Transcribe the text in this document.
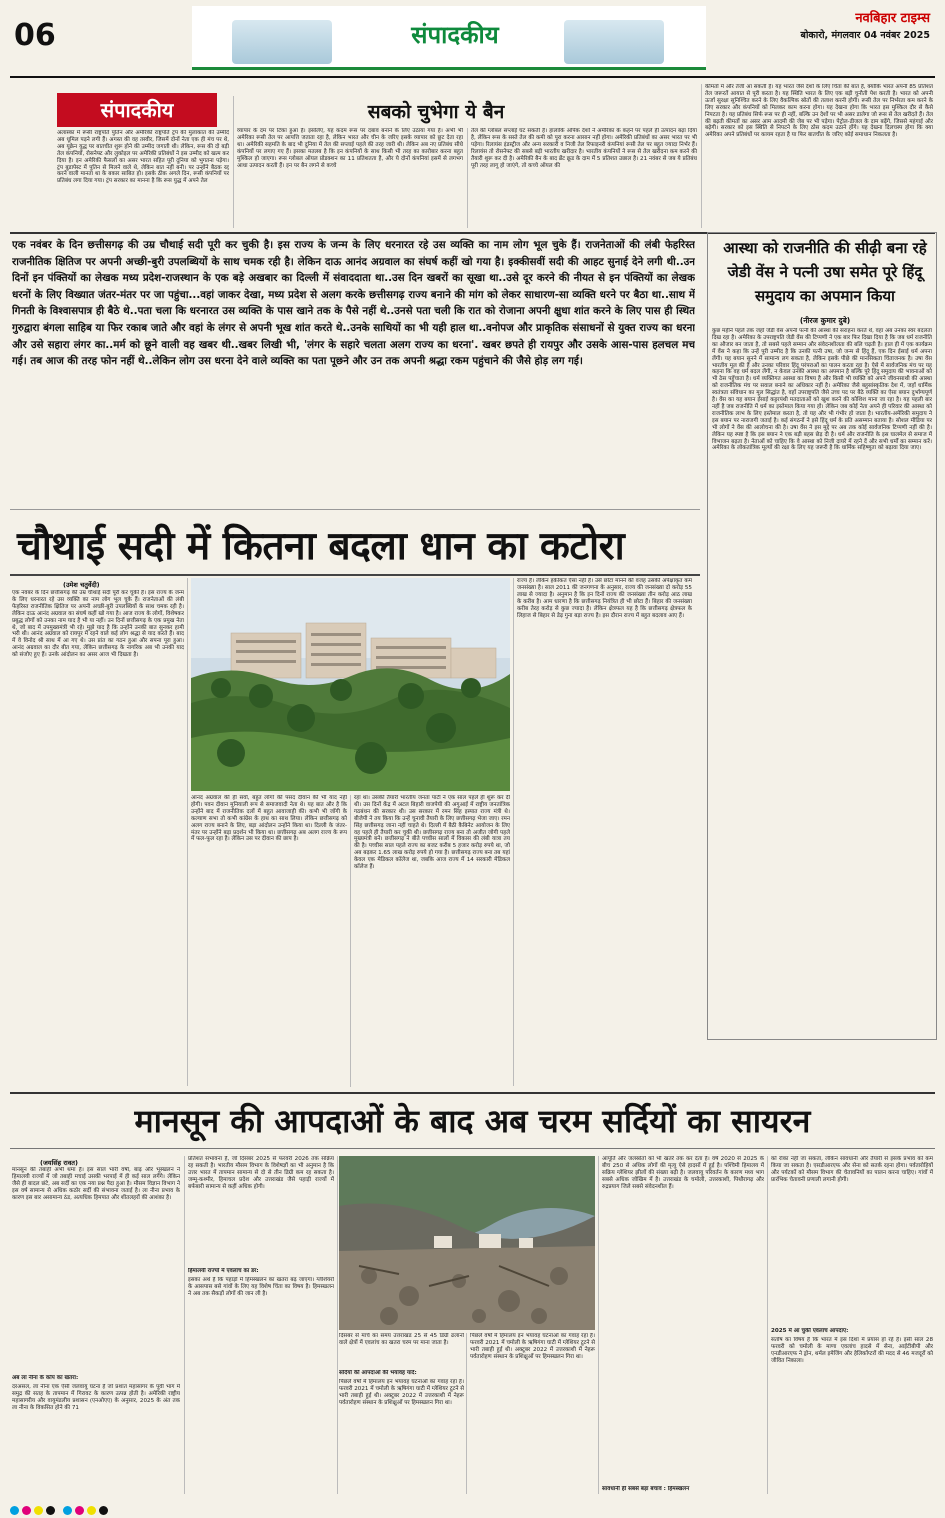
06	संपादकीय
नवबिहार टाइम्स
बोकारो, मंगलवार 04 नवंबर 2025
संपादकीय	सबको चुभेगा ये बैन
अलास्का में रूसी राष्ट्रपति पुतिन और अमेरिकी राष्ट्रपति ट्रंप की मुलाकात की उम्मीदें अब धूमिल पड़ने लगी हैं। अगस्त की वह तस्वीर, जिसमें दोनों नेता एक ही मंच पर थे, अब यूक्रेन युद्ध पर बातचीत शुरू होने की उम्मीद जगाती थी। लेकिन, रूस की दो बड़ी तेल कंपनियों, रोसनेफ्ट और लुकोइल पर अमेरिकी प्रतिबंधों ने इस उम्मीद को खत्म कर दिया है। इन अमेरिकी फैसलों का असर भारत सहित पूरी दुनिया को भुगतना पड़ेगा। ट्रंप बुडापेस्ट में पुतिन से मिलने वाले थे, लेकिन बात नहीं बनी। पर उन्होंने बैठक रद्द करने वाली मानता था के बकार साबित हो। इसके ठीक अगले दिन, रूसी कंपनियों पर प्रतिबंध लगा दिया गया। ट्रंप सरकार का मानना है कि रूस युद्ध में अपने तेल
व्यापार के दम पर टिका हुआ है। इसलिए, यह कदम रूस पर दबाव बनाने के लिए उठाया गया है। अभी भी अमेरिका रूसी तेल पर आपत्ति जताता रहा है, लेकिन भारत और चीन के जरिए इसके व्यापार को छूट देता रहा था। अमेरिकी सहमति के बाद भी दुनिया में तेल की सप्लाई पहले की तरह जारी थी। लेकिन अब नए प्रतिबंध सीधे कंपनियों पर लगाए गए हैं। इसका मतलब है कि इन कंपनियों के साथ किसी भी तरह का कारोबार करना बहुत मुश्किल हो जाएगा। रूस ग्लोबल ऑयल प्रोडक्शन का 11 प्रतिशतता है, और ये दोनों कंपनियां इसमें से लगभग आधा उत्पादन करती हैं। इन पर बैन लगने से कच्चे
तेल की ग्लोबल सप्लाई घट सकती है। हालांकि ओपेक देशों ने अमेरिका के कहने पर पहले ही उत्पादन बढ़ा दिया है, लेकिन रूस के सस्ते तेल की कमी को पूरा करना आसान नहीं होगा। अमेरिकी प्रतिबंधों का असर भारत पर भी पड़ेगा। रिलायंस इंडस्ट्रीज और अन्य सरकारी व निजी तेल रिफाइनरी कंपनियां रूसी तेल पर बहुत ज्यादा निर्भर हैं। रिलायंस तो रोसनेफ्ट की सबसे बड़ी भारतीय खरीदार है। भारतीय कंपनियों ने रूस से तेल खरीदना कम करने की तैयारी शुरू कर दी है। अमेरिकी बैन के बाद ब्रेंट क्रूड के दाम में 5 प्रतिशत उछाल है। 21 नवंबर से जब ये प्रतिबंध पूरी तरह लागू हो जाएंगे, तो कच्चे ऑयल की
कीमतों में और तेजी आ सकती है। यह भारत जैसे देशों के लिए चिंता की बात है, क्योंकि भारत अपनी 85 प्रतिशत तेल जरूरतें आयात से पूरी करता है। यह स्थिति भारत के लिए एक बड़ी चुनौती पेश करती है। भारत को अपनी ऊर्जा सुरक्षा सुनिश्चित करने के लिए वैकल्पिक स्रोतों की तलाश करनी होगी। रूसी तेल पर निर्भरता कम करने के लिए सरकार और कंपनियों को मिलकर काम करना होगा। यह देखना होगा कि भारत इस मुश्किल दौर से कैसे निपटता है। यह प्रतिबंध सिर्फ रूस पर ही नहीं, बल्कि उन देशों पर भी असर डालेगा जो रूस से तेल खरीदते हैं। तेल की बढ़ती कीमतों का असर आम आदमी की जेब पर भी पड़ेगा। पेट्रोल-डीजल के दाम बढ़ेंगे, जिससे महंगाई और बढ़ेगी। सरकार को इस स्थिति से निपटने के लिए ठोस कदम उठाने होंगे। यह देखना दिलचस्प होगा कि क्या अमेरिका अपने प्रतिबंधों पर कायम रहता है या फिर बातचीत के जरिए कोई समाधान निकलता है।
एक नवंबर के दिन छत्तीसगढ़ की उम्र चौथाई सदी पूरी कर चुकी है। इस राज्य के जन्म के लिए धरनारत रहे उस व्यक्ति का नाम लोग भूल चुके हैं। राजनेताओं की लंबी फेहरिस्त राजनीतिक क्षितिज पर अपनी अच्छी-बुरी उपलब्धियों के साथ चमक रही है। लेकिन दाऊ आनंद अग्रवाल का संघर्ष कहीं खो गया है। इक्कीसवीं सदी की आहट सुनाई देने लगी थी..उन दिनों इन पंक्तियों का लेखक मध्य प्रदेश-राजस्थान के एक बड़े अखबार का दिल्ली में संवाददाता था..उस दिन खबरों का सूखा था..उसे दूर करने की नीयत से इन पंक्तियों का लेखक धरनों के लिए विख्यात जंतर-मंतर पर जा पहुंचा...वहां जाकर देखा, मध्य प्रदेश से अलग करके छत्तीसगढ़ राज्य बनाने की मांग को लेकर साधारण-सा व्यक्ति धरने पर बैठा था..साथ में गिनती के विश्वासपात्र ही बैठे थे..पता चला कि धरनारत उस व्यक्ति के पास खाने तक के पैसे नहीं थे..उनसे पता चली कि रात को रोजाना अपनी क्षुधा शांत करने के लिए पास ही स्थित गुरुद्वारा बंगला साहिब या फिर रकाब जाते और वहां के लंगर से अपनी भूख शांत करते थे..उनके साथियों का भी यही हाल था..वनोपज और प्राकृतिक संसाधनों से युक्त राज्य का धरना और उसे सहारा लंगर का..मर्म को छूने वाली वह खबर थी..खबर लिखी भी, 'लंगर के सहारे चलता अलग राज्य का धरना'. खबर छपते ही रायपुर और उसके आस-पास हलचल मच गई। तब आज की तरह फोन नहीं थे..लेकिन लोग उस धरना देने वाले व्यक्ति का पता पूछने और उन तक अपनी श्रद्धा रकम पहुंचाने की जैसे होड़ लग गई।
चौथाई सदी में कितना बदला धान का कटोरा
(उमेश चतुर्वेदी)
एक नवंबर के दिन छत्तीसगढ़ की उम्र चौथाई सदी पूरी कर चुकी है। इस राज्य के जन्म के लिए धरनारत रहे उस व्यक्ति का नाम लोग भूल चुके हैं। राजनेताओं की लंबी फेहरिस्त राजनीतिक क्षितिज पर अपनी अच्छी-बुरी उपलब्धियों के साथ चमक रही है। लेकिन दाऊ आनंद अग्रवाल का संघर्ष कहीं खो गया है। आज राज्य के लोगों, विशेषकर प्रबुद्ध लोगों को उनका नाम याद है भी या नहीं। उन दिनों छत्तीसगढ़ के एक प्रमुख नेता थे, जो बाद में उपमुख्यमंत्री भी रहे। मुझे याद है कि उन्होंने उनकी बात सुनकर हामी भरी थी। आनंद अग्रवाल को रायपुर में रहने वाले कई लोग श्रद्धा से याद करते हैं। बाद में वे विनोद श्री साथ में आ गए थे। उस प्रांत का गठन हुआ और सपना पूरा हुआ। आनंद अग्रवाल का दौर बीत गया, लेकिन छत्तीसगढ़ के नागरिक अब भी उनकी याद को संजोए हुए हैं। उनके आंदोलन का असर आज भी दिखता है।
आनंद अग्रवाल की ही सर्वो, बहुत लोगों की पसंद दीवान की भी याद नहीं होगी। पवन दीवान मुनियाली रूप से समाजवादी नेता थे। यह बात और है कि उन्होंने बाद में राजनीतिक दलों में बहुत आवाजाही की। कभी भी जाँगी के कल्याण सभा तो कभी कांग्रेस के हाथ का साथ लिया। लेकिन छत्तीसगढ़ को अलग राज्य बनाने के लिए, बड़ा आंदोलन उन्होंने किया था। दिल्ली के जंतर-मंतर पर उन्होंने बड़ा प्रदर्शन भी किया था। छत्तीसगढ़ अब अलग राज्य के रूप में फल-फूल रहा है। लेकिन उस पर दीवान की छाप है।
रहा था। उसकी तैयारी भारतीय जनता पार्टी ने एक साल पहले ही शुरू कर दी थी। उस दिनों केंद्र में अटल बिहारी वाजपेयी की अगुआई में राष्ट्रीय जनतांत्रिक गठबंधन की सरकार थी। उस सरकार में रमन सिंह इस्पात राज्य मंत्री थे। बीजेपी ने तय किया कि उन्हें चुनावी तैयारी के लिए छत्तीसगढ़ भेजा जाए। रमन सिंह छत्तीसगढ़ जाना नहीं चाहते थे। दिल्ली में बैठी कैबिनेट आयोजन के लिए वह पहले ही तैयारी कर चुकी थी। छत्तीसगढ़ राज्य बना तो अजीत जोगी पहले मुख्यमंत्री बने। छत्तीसगढ़ ने बीते पच्चीस सालों में विकास की लंबी यात्रा तय की है। पच्चीस साल पहले राज्य का बजट करीब 5 हजार करोड़ रुपये था, जो अब बढ़कर 1.65 लाख करोड़ रुपये हो गया है। छत्तीसगढ़ राज्य बना तब यहां केवल एक मेडिकल कॉलेज था, जबकि आज राज्य में 14 सरकारी मेडिकल कॉलेज हैं।
राज्य है। लेकिन हकीकत ऐसा नहीं है। उसे छोटा मानने की वजह उसकी अपेक्षाकृत कम जनसंख्या है। साल 2011 की जनगणना के अनुसार, राज्य की जनसंख्या दो करोड़ 55 लाख से ज्यादा है। अनुमान है कि इन दिनों राज्य की जनसंख्या तीन करोड़ आठ लाख के करीब है। आम धारणा है कि छत्तीसगढ़ नियंत्रित ही भी छोटा हैं। बिहार की जनसंख्या करीब तेरह करोड़ से कुछ ज्यादा है। लेकिन क्षेत्रफल यह है कि छत्तीसगढ़ क्षेत्रफल के लिहाज से बिहार से डेढ़ गुना बड़ा राज्य है। इस दौरान राज्य में बहुत बदलाव आए हैं।
आस्था को राजनीति की सीढ़ी बना रहे जेडी वेंस ने पत्नी उषा समेत पूरे हिंदू समुदाय का अपमान किया
(नीरज कुमार दुबे)
कुछ महीने पहले तक जहाँ जेडी वेंस अपनी पत्नी की आस्था की सराहना करते थे, वहां अब उनका स्वर बदलता दिख रहा है। अमेरिका के उपराष्ट्रपति जेडी वेंस की टिप्पणी ने एक बार फिर दिखा दिया है कि जब धर्म राजनीति का औजार बन जाता है, तो सबसे पहले सम्मान और संवेदनशीलता की बलि चढ़ती है। हाल ही में एक कार्यक्रम में वेंस ने कहा कि उन्हें पूरी उम्मीद है कि उनकी पत्नी उषा, जो जन्म से हिंदू हैं, एक दिन ईसाई धर्म अपना लेंगी। यह बयान सुनने में सामान्य लग सकता है, लेकिन इसके पीछे की मानसिकता चिंताजनक है। उषा वेंस भारतीय मूल की हैं और उनका परिवार हिंदू परंपराओं का पालन करता रहा है। ऐसे में सार्वजनिक मंच पर यह कहना कि वह धर्म बदल लेंगी, न केवल उनकी आस्था का अपमान है बल्कि पूरे हिंदू समुदाय की भावनाओं को भी ठेस पहुँचाता है। धर्म व्यक्तिगत आस्था का विषय है और किसी भी व्यक्ति को अपने जीवनसाथी की आस्था को राजनीतिक मंच पर सवाल बनाने का अधिकार नहीं है। अमेरिका जैसे बहुसांस्कृतिक देश में, जहाँ धार्मिक स्वतंत्रता संविधान का मूल सिद्धांत है, वहाँ उपराष्ट्रपति जैसे उच्च पद पर बैठे व्यक्ति का ऐसा बयान दुर्भाग्यपूर्ण है। वेंस का यह बयान ईसाई कट्टरपंथी मतदाताओं को खुश करने की कोशिश माना जा रहा है। यह पहली बार नहीं है जब राजनीति में धर्म का इस्तेमाल किया गया हो। लेकिन जब कोई नेता अपने ही परिवार की आस्था को राजनीतिक लाभ के लिए इस्तेमाल करता है, तो यह और भी गंभीर हो जाता है। भारतीय-अमेरिकी समुदाय ने इस बयान पर नाराजगी जताई है। कई संगठनों ने इसे हिंदू धर्म के प्रति असम्मान बताया है। सोशल मीडिया पर भी लोगों ने वेंस की आलोचना की है। उषा वेंस ने इस मुद्दे पर अब तक कोई सार्वजनिक टिप्पणी नहीं की है। लेकिन यह स्पष्ट है कि इस बयान ने एक बड़ी बहस छेड़ दी है। धर्म और राजनीति के इस घालमेल से समाज में विभाजन बढ़ता है। नेताओं को चाहिए कि वे आस्था को निजी दायरे में रहने दें और सभी धर्मों का सम्मान करें। अमेरिका के लोकतांत्रिक मूल्यों की रक्षा के लिए यह जरूरी है कि धार्मिक सहिष्णुता को बढ़ावा दिया जाए।
मानसून की आपदाओं के बाद अब चरम सर्दियों का सायरन
(जयसिंह रावत)
मानसून की तबाही अभी थमा है। इस साल भारी वर्षा, बाढ़ और भूस्खलन ने हिमालयी राज्यों में जो तबाही मचाई उसकी भरपाई में ही कई साल लगेंगे। लेकिन जैसे ही बादल छंटे, अब सर्दी का एक नया प्रश्न पैदा हुआ है। मौसम विज्ञान विभाग ने इस वर्ष सामान्य से अधिक कठोर सर्दी की संभावना जताई है। ला नीना प्रभाव के कारण इस बार असामान्य ठंड, अत्यधिक हिमपात और शीतलहरों की आशंका है।
अब ला नीना के कोप का खतरा:
दरअसल, ला नीना एक ऐसी जलवायु घटना है जो प्रशांत महासागर के पूर्वी भाग में समुद्र की सतह के तापमान में गिरावट के कारण उत्पन्न होती है। अमेरिकी राष्ट्रीय महासागरीय और वायुमंडलीय प्रशासन (एनओएए) के अनुसार, 2025 के अंत तक ला नीना के विकसित होने की 71
प्रतिशत संभावना है, जो दिसंबर 2025 से फरवरी 2026 तक सक्रिय रह सकती है। भारतीय मौसम विभाग के विशेषज्ञों का भी अनुमान है कि उत्तर भारत में तापमान सामान्य से दो से तीन डिग्री कम रह सकता है। जम्मू-कश्मीर, हिमाचल प्रदेश और उत्तराखंड जैसे पहाड़ी राज्यों में बर्फबारी सामान्य से कहीं अधिक होगी।
हिमालयी राज्यों में एवलांच का डर:
इसका अर्थ है कि पहाड़ों में हिमस्खलन का खतरा बढ़ जाएगा। ग्लेशियरों के आसपास बसे गांवों के लिए यह विशेष चिंता का विषय है। हिमस्खलन ने अब तक सैकड़ों लोगों की जान ली है।
दिसंबर से मार्च का समय उत्तराखंड 25 से 45 डिग्री ढलानों वाले क्षेत्रों में एवलांच का खतरा चरम पर माना जाता है।
सर्दियों की आपदाओं की भयावह यादें:
पिछले वर्षों में हिमालय इन भयावह घटनाओं का गवाह रहा है। फरवरी 2021 में चमोली के ऋषिगंगा घाटी में ग्लेशियर टूटने से भारी तबाही हुई थी। अक्टूबर 2022 में उत्तरकाशी में नेहरू पर्वतारोहण संस्थान के प्रशिक्षुओं पर हिमस्खलन गिरा था।
पिछले वर्षों में हिमालय इन भयावह घटनाओं का गवाह रहा है। फरवरी 2021 में चमोली के ऋषिगंगा घाटी में ग्लेशियर टूटने से भारी तबाही हुई थी। अक्टूबर 2022 में उत्तरकाशी में नेहरू पर्वतारोहण संस्थान के प्रशिक्षुओं पर हिमस्खलन गिरा था।
आपूर्ति और जलस्रोतों को भी खतरे तक कर देता है। वर्ष 2020 से 2025 के बीच 250 से अधिक लोगों की मृत्यु ऐसे हादसों में हुई है। पश्चिमी हिमालय में सक्रिय ग्लेशियर झीलों की संख्या बढ़ी है। जलवायु परिवर्तन के कारण मध्य भाग सबसे अधिक जोखिम में है। उत्तराखंड के चमोली, उत्तरकाशी, पिथौरागढ़ और रुद्रप्रयाग जिले सबसे संवेदनशील हैं।
सावधानी ही सबसे बड़ा बचाव : हिमस्खलन
को रोका नहीं जा सकता, लेकिन सावधानी और तैयारी से इसके प्रभाव को कम किया जा सकता है। एसडीआरएफ और सेना को सतर्क रहना होगा। पर्वतारोहियों और पर्यटकों को मौसम विभाग की चेतावनियों का पालन करना चाहिए। गांवों में प्रारंभिक चेतावनी प्रणाली लगानी होगी।
2025 में आ चुकी एवलांच आपदाएं:
संतोष का विषय है कि भारत में इस दिशा में प्रयास हो रहे हैं। इसी साल 28 फरवरी को चमोली के माणा एवलांच हादसे में सेना, आईटीबीपी और एनडीआरएफ ने ड्रोन, थर्मल इमेजिंग और हेलिकॉप्टरों की मदद से 46 मजदूरों को जीवित निकाला।
